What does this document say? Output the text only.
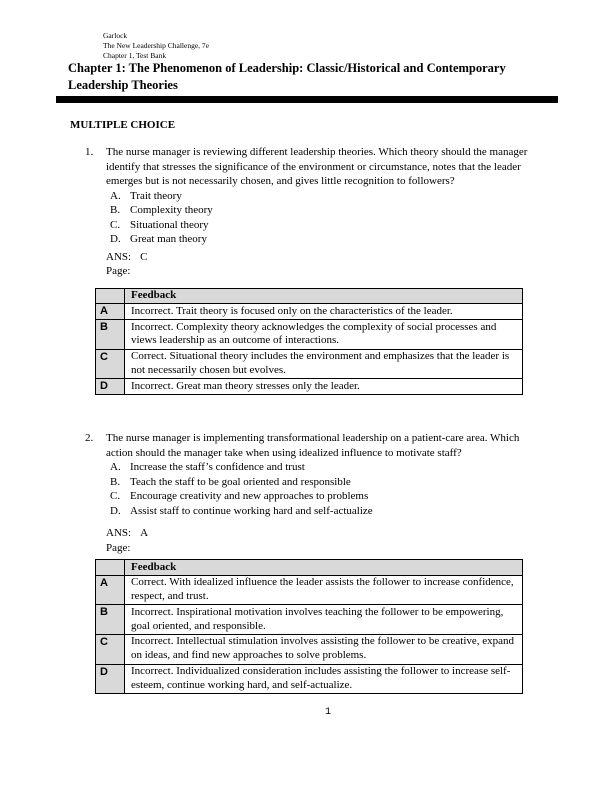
Garlock
The New Leadership Challenge, 7e
Chapter 1, Test Bank
Chapter 1: The Phenomenon of Leadership: Classic/Historical and Contemporary Leadership Theories
MULTIPLE CHOICE
1.	The nurse manager is reviewing different leadership theories. Which theory should the manager identify that stresses the significance of the environment or circumstance, notes that the leader emerges but is not necessarily chosen, and gives little recognition to followers?
A. Trait theory
B. Complexity theory
C. Situational theory
D. Great man theory
ANS: C
Page:
	Feedback
A	Incorrect. Trait theory is focused only on the characteristics of the leader.
B	Incorrect. Complexity theory acknowledges the complexity of social processes and views leadership as an outcome of interactions.
C	Correct. Situational theory includes the environment and emphasizes that the leader is not necessarily chosen but evolves.
D	Incorrect. Great man theory stresses only the leader.
2.	The nurse manager is implementing transformational leadership on a patient-care area. Which action should the manager take when using idealized influence to motivate staff?
A. Increase the staff’s confidence and trust
B. Teach the staff to be goal oriented and responsible
C. Encourage creativity and new approaches to problems
D. Assist staff to continue working hard and self-actualize
ANS: A
Page:
	Feedback
A	Correct. With idealized influence the leader assists the follower to increase confidence, respect, and trust.
B	Incorrect. Inspirational motivation involves teaching the follower to be empowering, goal oriented, and responsible.
C	Incorrect. Intellectual stimulation involves assisting the follower to be creative, expand on ideas, and find new approaches to solve problems.
D	Incorrect. Individualized consideration includes assisting the follower to increase self-esteem, continue working hard, and self-actualize.
1
